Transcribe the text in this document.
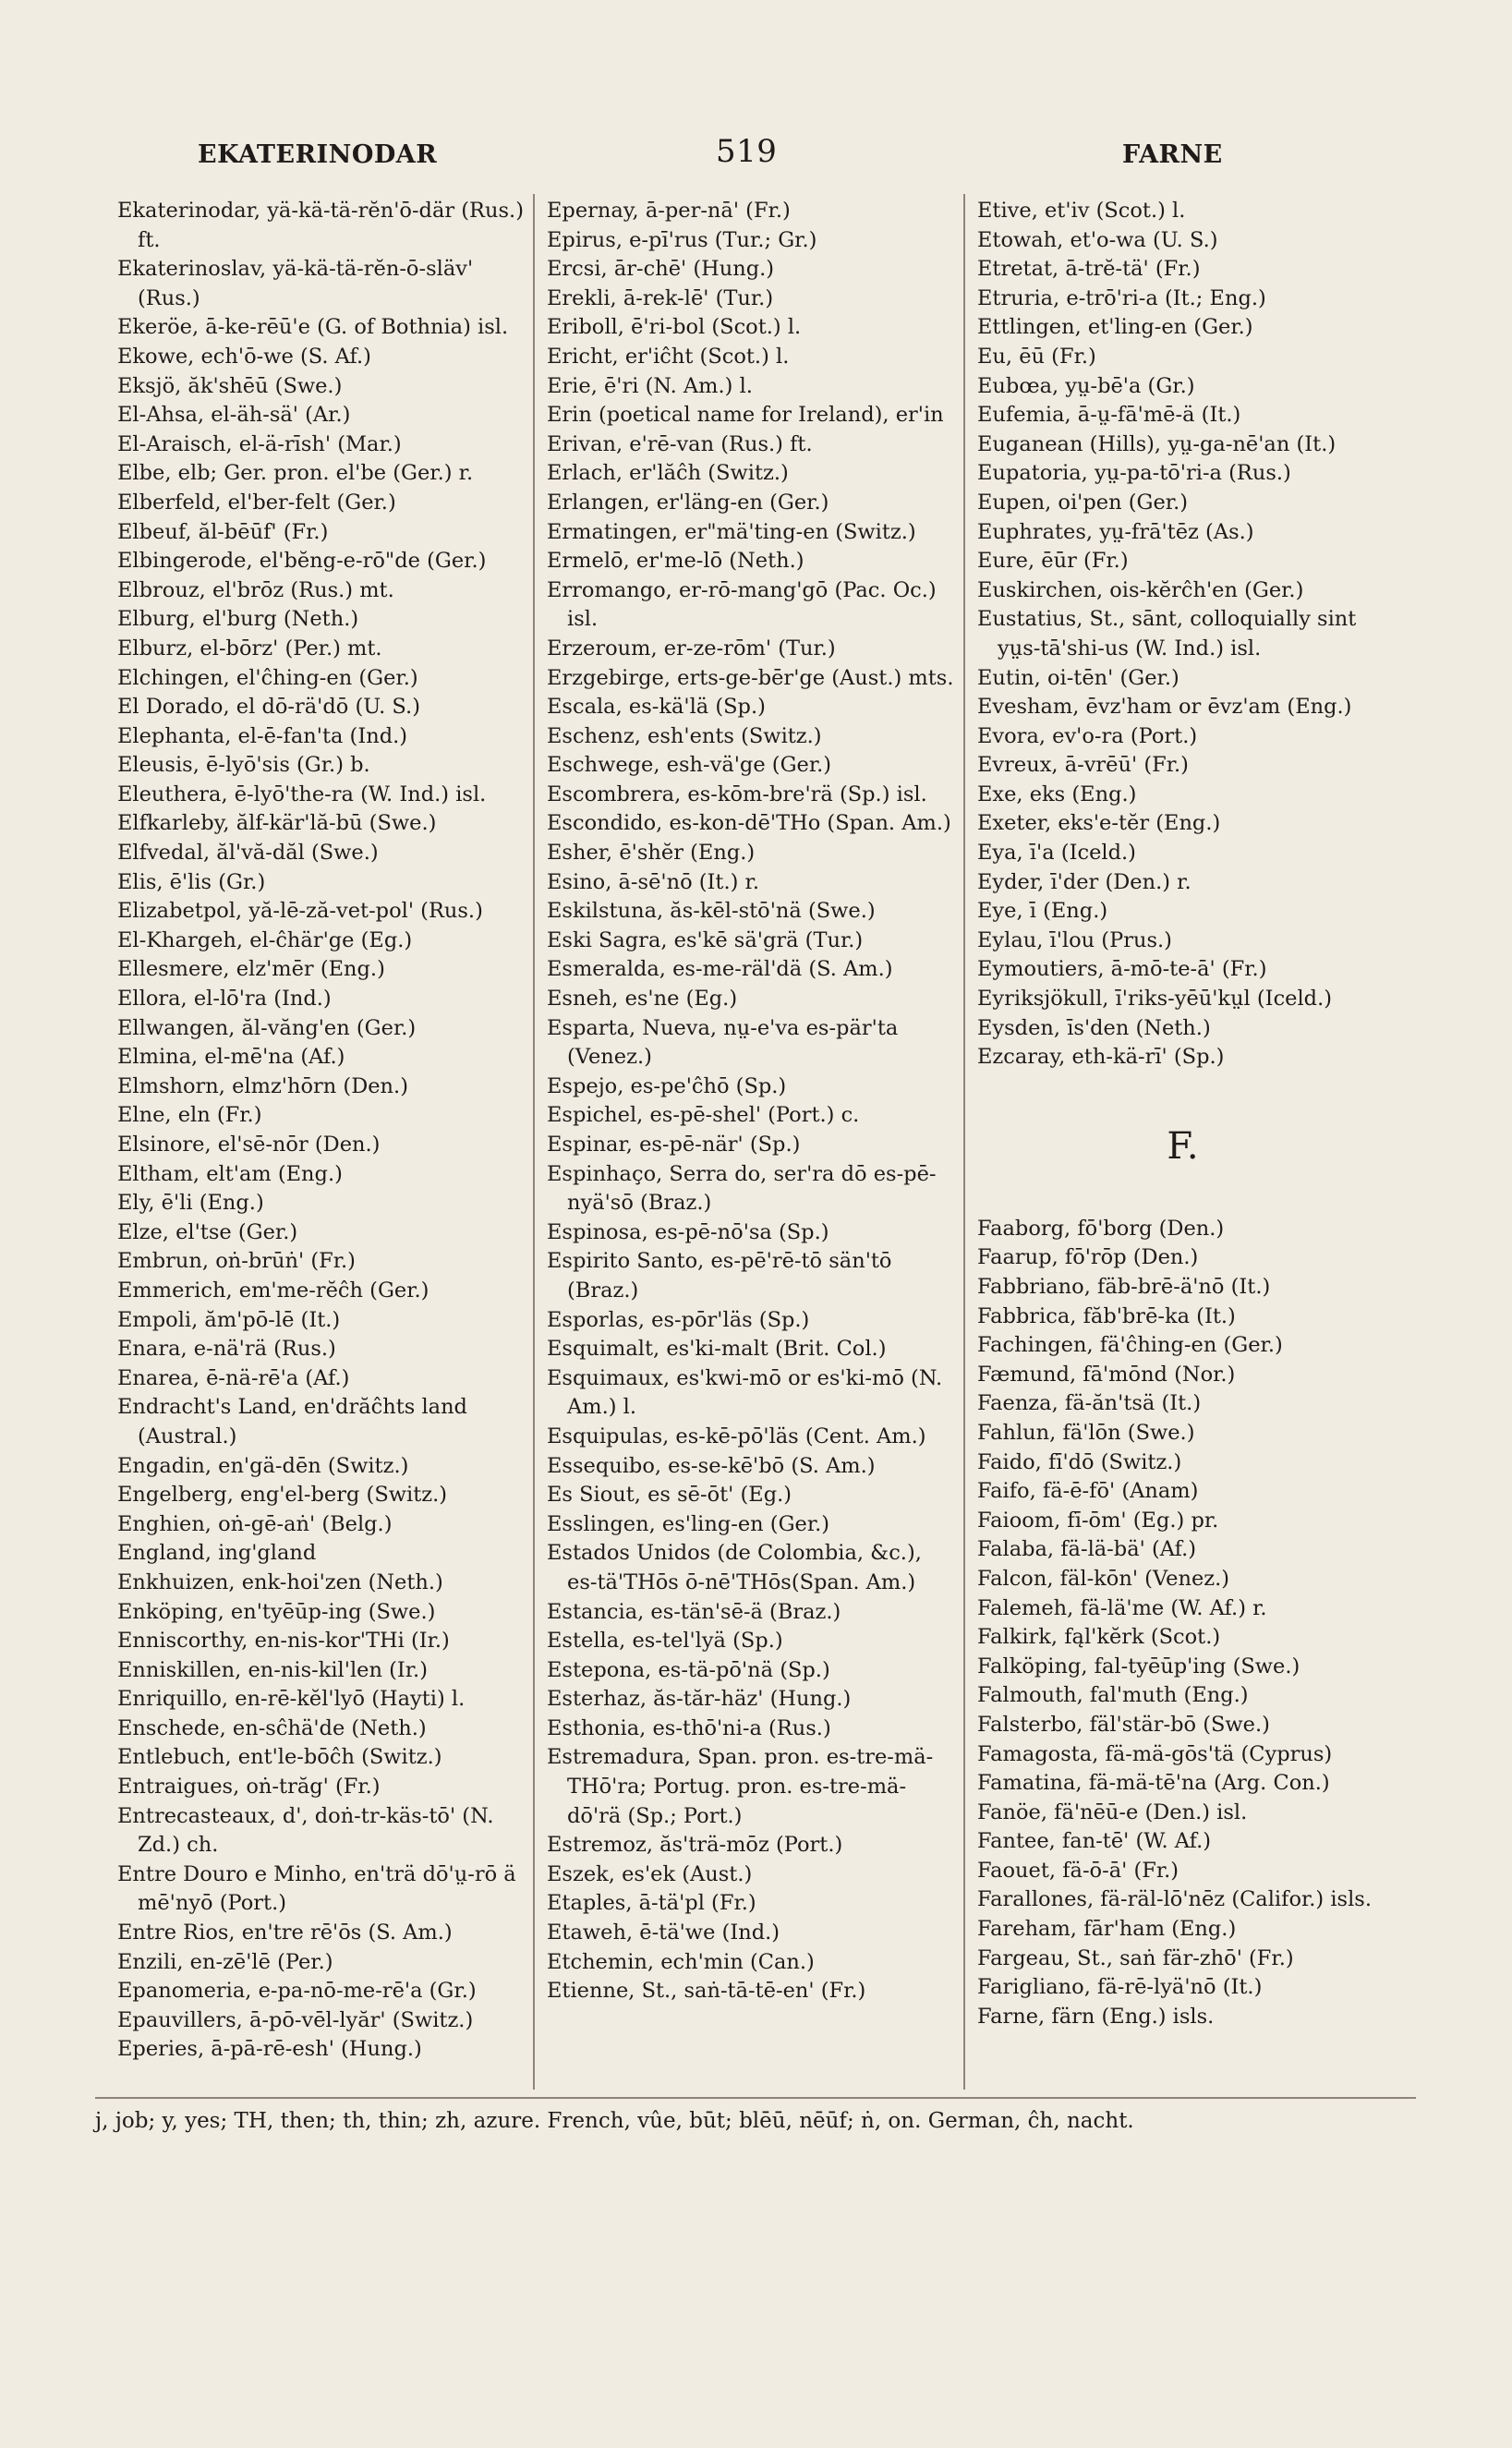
EKATERINODAR	519	FARNE
Ekaterinodar, yä-kä-tä-rĕn'ō-där (Rus.) ft.
Ekaterinoslav, yä-kä-tä-rĕn-ō-släv' (Rus.)
Ekeröe, ā-ke-rēū'e (G. of Bothnia) isl.
Ekowe, ech'ō-we (S. Af.)
Eksjö, ăk'shēū (Swe.)
El-Ahsa, el-äh-sä' (Ar.)
El-Araisch, el-ä-rīsh' (Mar.)
Elbe, elb; Ger. pron. el'be (Ger.) r.
Elberfeld, el'ber-felt (Ger.)
Elbeuf, ăl-bēūf' (Fr.)
Elbingerode, el'bĕng-e-rō"de (Ger.)
Elbrouz, el'brōz (Rus.) mt.
Elburg, el'burg (Neth.)
Elburz, el-bōrz' (Per.) mt.
Elchingen, el'ĉhing-en (Ger.)
El Dorado, el dō-rä'dō (U. S.)
Elephanta, el-ē-fan'ta (Ind.)
Eleusis, ē-lyō'sis (Gr.) b.
Eleuthera, ē-lyō'the-ra (W. Ind.) isl.
Elfkarleby, ălf-kär'lă-bū (Swe.)
Elfvedal, ăl'vă-dăl (Swe.)
Elis, ē'lis (Gr.)
Elizabetpol, yă-lē-ză-vet-pol' (Rus.)
El-Khargeh, el-ĉhär'ge (Eg.)
Ellesmere, elz'mēr (Eng.)
Ellora, el-lō'ra (Ind.)
Ellwangen, ăl-văng'en (Ger.)
Elmina, el-mē'na (Af.)
Elmshorn, elmz'hōrn (Den.)
Elne, eln (Fr.)
Elsinore, el'sē-nōr (Den.)
Eltham, elt'am (Eng.)
Ely, ē'li (Eng.)
Elze, el'tse (Ger.)
Embrun, oṅ-brūṅ' (Fr.)
Emmerich, em'me-rĕĉh (Ger.)
Empoli, ăm'pō-lē (It.)
Enara, e-nä'rä (Rus.)
Enarea, ē-nä-rē'a (Af.)
Endracht's Land, en'drăĉhts land (Austral.)
Engadin, en'gä-dēn (Switz.)
Engelberg, eng'el-berg (Switz.)
Enghien, oṅ-gē-aṅ' (Belg.)
England, ing'gland
Enkhuizen, enk-hoi'zen (Neth.)
Enköping, en'tyēūp-ing (Swe.)
Enniscorthy, en-nis-kor'THi (Ir.)
Enniskillen, en-nis-kil'len (Ir.)
Enriquillo, en-rē-kĕl'lyō (Hayti) l.
Enschede, en-sĉhä'de (Neth.)
Entlebuch, ent'le-bōĉh (Switz.)
Entraigues, oṅ-trăg' (Fr.)
Entrecasteaux, d', doṅ-tr-käs-tō' (N. Zd.) ch.
Entre Douro e Minho, en'trä dō'ṳ-rō ä mē'nyō (Port.)
Entre Rios, en'tre rē'ōs (S. Am.)
Enzili, en-zē'lē (Per.)
Epanomeria, e-pa-nō-me-rē'a (Gr.)
Epauvillers, ā-pō-vēl-lyăr' (Switz.)
Eperies, ā-pā-rē-esh' (Hung.)
Epernay, ā-per-nā' (Fr.)
Epirus, e-pī'rus (Tur.; Gr.)
Ercsi, ār-chē' (Hung.)
Erekli, ā-rek-lē' (Tur.)
Eriboll, ē'ri-bol (Scot.) l.
Ericht, er'iĉht (Scot.) l.
Erie, ē'ri (N. Am.) l.
Erin (poetical name for Ireland), er'in
Erivan, e'rē-van (Rus.) ft.
Erlach, er'lăĉh (Switz.)
Erlangen, er'läng-en (Ger.)
Ermatingen, er"mä'ting-en (Switz.)
Ermelō, er'me-lō (Neth.)
Erromango, er-rō-mang'gō (Pac. Oc.) isl.
Erzeroum, er-ze-rōm' (Tur.)
Erzgebirge, erts-ge-bēr'ge (Aust.) mts.
Escala, es-kä'lä (Sp.)
Eschenz, esh'ents (Switz.)
Eschwege, esh-vä'ge (Ger.)
Escombrera, es-kōm-bre'rä (Sp.) isl.
Escondido, es-kon-dē'THo (Span. Am.)
Esher, ē'shĕr (Eng.)
Esino, ā-sē'nō (It.) r.
Eskilstuna, ăs-kēl-stō'nä (Swe.)
Eski Sagra, es'kē sä'grä (Tur.)
Esmeralda, es-me-räl'dä (S. Am.)
Esneh, es'ne (Eg.)
Esparta, Nueva, nṳ-e'va es-pär'ta (Venez.)
Espejo, es-pe'ĉhō (Sp.)
Espichel, es-pē-shel' (Port.) c.
Espinar, es-pē-när' (Sp.)
Espinhaço, Serra do, ser'ra dō es-pē-nyä'sō (Braz.)
Espinosa, es-pē-nō'sa (Sp.)
Espirito Santo, es-pē'rē-tō sän'tō (Braz.)
Esporlas, es-pōr'läs (Sp.)
Esquimalt, es'ki-malt (Brit. Col.)
Esquimaux, es'kwi-mō or es'ki-mō (N. Am.) l.
Esquipulas, es-kē-pō'läs (Cent. Am.)
Essequibo, es-se-kē'bō (S. Am.)
Es Siout, es sē-ōt' (Eg.)
Esslingen, es'ling-en (Ger.)
Estados Unidos (de Colombia, &c.), es-tä'THōs ō-nē'THōs(Span. Am.)
Estancia, es-tän'sē-ä (Braz.)
Estella, es-tel'lyä (Sp.)
Estepona, es-tä-pō'nä (Sp.)
Esterhaz, ăs-tăr-häz' (Hung.)
Esthonia, es-thō'ni-a (Rus.)
Estremadura, Span. pron. es-tre-mä-THō'ra; Portug. pron. es-tre-mä-dō'rä (Sp.; Port.)
Estremoz, ăs'trä-mōz (Port.)
Eszek, es'ek (Aust.)
Etaples, ā-tä'pl (Fr.)
Etaweh, ē-tä'we (Ind.)
Etchemin, ech'min (Can.)
Etienne, St., saṅ-tā-tē-en' (Fr.)
Etive, et'iv (Scot.) l.
Etowah, et'o-wa (U. S.)
Etretat, ā-trĕ-tä' (Fr.)
Etruria, e-trō'ri-a (It.; Eng.)
Ettlingen, et'ling-en (Ger.)
Eu, ēū (Fr.)
Eubœa, yṳ-bē'a (Gr.)
Eufemia, ā-ṳ-fā'mē-ä (It.)
Euganean (Hills), yṳ-ga-nē'an (It.)
Eupatoria, yṳ-pa-tō'ri-a (Rus.)
Eupen, oi'pen (Ger.)
Euphrates, yṳ-frā'tēz (As.)
Eure, ēūr (Fr.)
Euskirchen, ois-kĕrĉh'en (Ger.)
Eustatius, St., sānt, colloquially sint yṳs-tā'shi-us (W. Ind.) isl.
Eutin, oi-tēn' (Ger.)
Evesham, ēvz'ham or ēvz'am (Eng.)
Evora, ev'o-ra (Port.)
Evreux, ā-vrēū' (Fr.)
Exe, eks (Eng.)
Exeter, eks'e-tĕr (Eng.)
Eya, ī'a (Iceld.)
Eyder, ī'der (Den.) r.
Eye, ī (Eng.)
Eylau, ī'lou (Prus.)
Eymoutiers, ā-mō-te-ā' (Fr.)
Eyriksjökull, ī'riks-yēū'kṳl (Iceld.)
Eysden, īs'den (Neth.)
Ezcaray, eth-kä-rī' (Sp.)
F.
Faaborg, fō'borg (Den.)
Faarup, fō'rōp (Den.)
Fabbriano, fäb-brē-ä'nō (It.)
Fabbrica, făb'brē-ka (It.)
Fachingen, fä'ĉhing-en (Ger.)
Fæmund, fā'mōnd (Nor.)
Faenza, fä-ăn'tsä (It.)
Fahlun, fä'lōn (Swe.)
Faido, fī'dō (Switz.)
Faifo, fä-ē-fō' (Anam)
Faioom, fī-ōm' (Eg.) pr.
Falaba, fä-lä-bä' (Af.)
Falcon, fäl-kōn' (Venez.)
Falemeh, fä-lä'me (W. Af.) r.
Falkirk, fąl'kĕrk (Scot.)
Falköping, fal-tyēūp'ing (Swe.)
Falmouth, fal'muth (Eng.)
Falsterbo, fäl'stär-bō (Swe.)
Famagosta, fä-mä-gōs'tä (Cyprus)
Famatina, fä-mä-tē'na (Arg. Con.)
Fanöe, fä'nēū-e (Den.) isl.
Fantee, fan-tē' (W. Af.)
Faouet, fä-ō-ā' (Fr.)
Farallones, fä-räl-lō'nēz (Califor.) isls.
Fareham, fār'ham (Eng.)
Fargeau, St., saṅ fär-zhō' (Fr.)
Farigliano, fä-rē-lyä'nō (It.)
Farne, färn (Eng.) isls.
j, job; y, yes; TH, then; th, thin; zh, azure. French, vûe, būt; blēū, nēūf; ṅ, on. German, ĉh, nacht.
